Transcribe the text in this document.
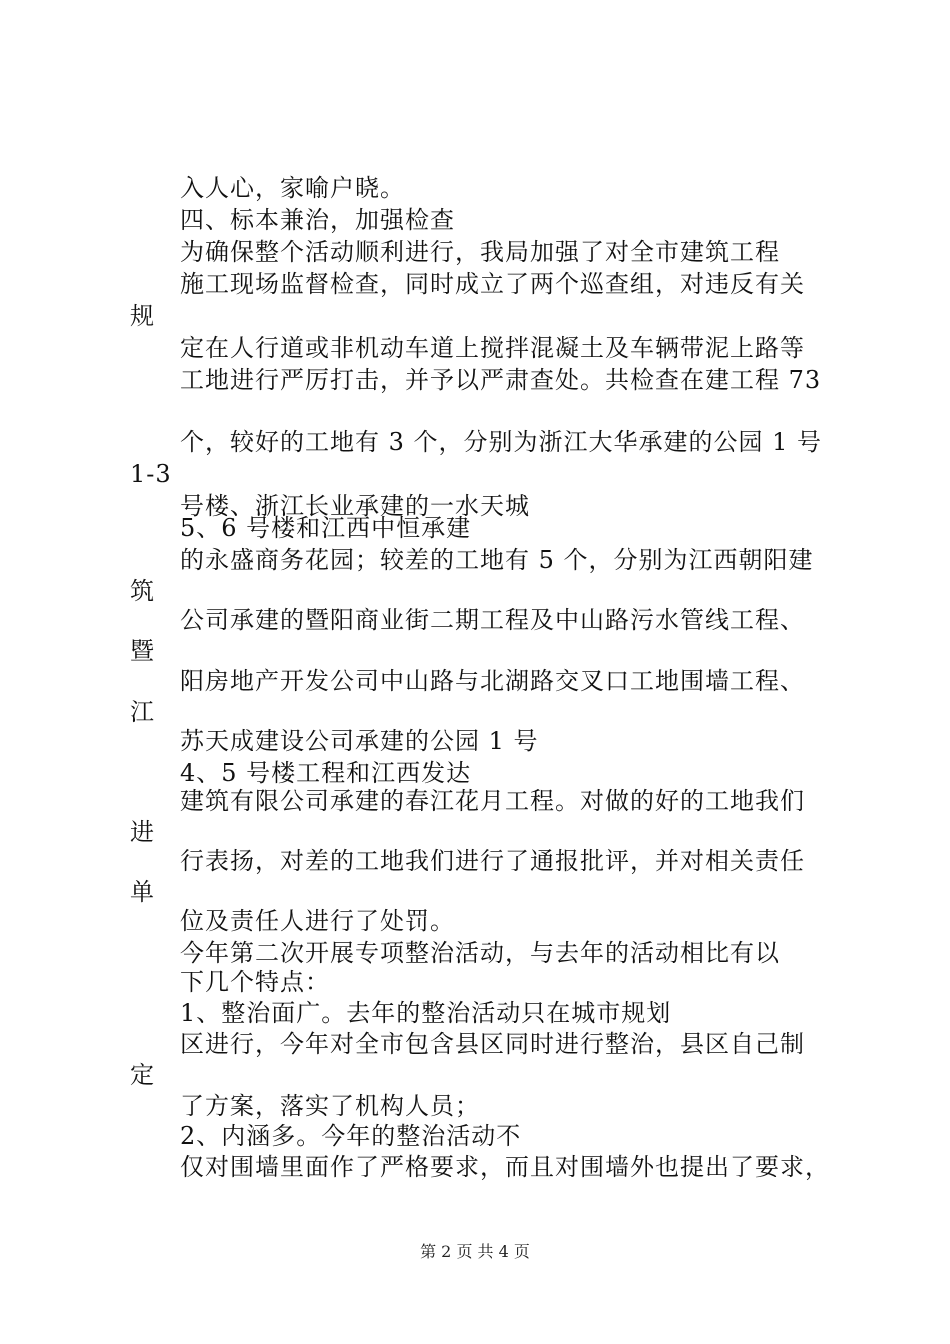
入人心，家喻户晓。
四、标本兼治，加强检查
为确保整个活动顺利进行，我局加强了对全市建筑工程
施工现场监督检查，同时成立了两个巡查组，对违反有关
规
定在人行道或非机动车道上搅拌混凝土及车辆带泥上路等
工地进行严厉打击，并予以严肃查处。共检查在建工程 73
个，较好的工地有 3 个，分别为浙江大华承建的公园 1 号
1-3
号楼、浙江长业承建的一水天城
5、6 号楼和江西中恒承建
的永盛商务花园；较差的工地有 5 个，分别为江西朝阳建
筑
公司承建的暨阳商业街二期工程及中山路污水管线工程、
暨
阳房地产开发公司中山路与北湖路交叉口工地围墙工程、
江
苏天成建设公司承建的公园 1 号
4、5 号楼工程和江西发达
建筑有限公司承建的春江花月工程。对做的好的工地我们
进
行表扬，对差的工地我们进行了通报批评，并对相关责任
单
位及责任人进行了处罚。
今年第二次开展专项整治活动，与去年的活动相比有以
下几个特点：
1、整治面广。去年的整治活动只在城市规划
区进行，今年对全市包含县区同时进行整治，县区自己制
定
了方案，落实了机构人员；
2、内涵多。今年的整治活动不
仅对围墙里面作了严格要求，而且对围墙外也提出了要求，
第 2 页 共 4 页
